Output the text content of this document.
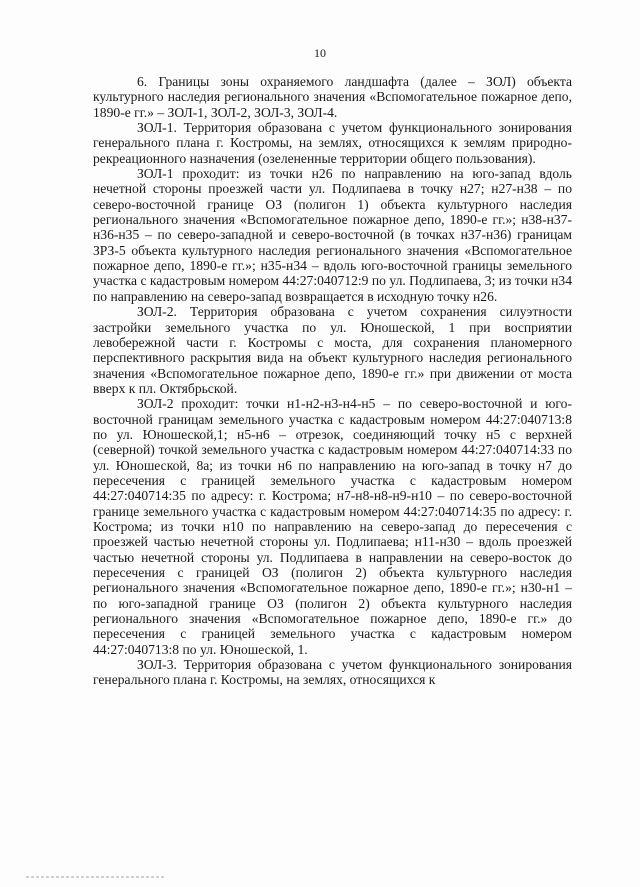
10

6. Границы зоны охраняемого ландшафта (далее – ЗОЛ) объекта культурного наследия регионального значения «Вспомогательное пожарное депо, 1890-е гг.» – ЗОЛ-1, ЗОЛ-2, ЗОЛ-3, ЗОЛ-4.

ЗОЛ-1. Территория образована с учетом функционального зонирования генерального плана г. Костромы, на землях, относящихся к землям природно-рекреационного назначения (озелененные территории общего пользования).

ЗОЛ-1 проходит: из точки н26 по направлению на юго-запад вдоль нечетной стороны проезжей части ул. Подлипаева в точку н27; н27-н38 – по северо-восточной границе ОЗ (полигон 1) объекта культурного наследия регионального значения «Вспомогательное пожарное депо, 1890-е гг.»; н38-н37-н36-н35 – по северо-западной и северо-восточной (в точках н37-н36) границам ЗРЗ-5 объекта культурного наследия регионального значения «Вспомогательное пожарное депо, 1890-е гг.»; н35-н34 – вдоль юго-восточной границы земельного участка с кадастровым номером 44:27:040712:9 по ул. Подлипаева, 3; из точки н34 по направлению на северо-запад возвращается в исходную точку н26.

ЗОЛ-2. Территория образована с учетом сохранения силуэтности застройки земельного участка по ул. Юношеской, 1 при восприятии левобережной части г. Костромы с моста, для сохранения планомерного перспективного раскрытия вида на объект культурного наследия регионального значения «Вспомогательное пожарное депо, 1890-е гг.» при движении от моста вверх к пл. Октябрьской.

ЗОЛ-2 проходит: точки н1-н2-н3-н4-н5 – по северо-восточной и юго-восточной границам земельного участка с кадастровым номером 44:27:040713:8 по ул. Юношеской,1; н5-н6 – отрезок, соединяющий точку н5 с верхней (северной) точкой земельного участка с кадастровым номером 44:27:040714:33 по ул. Юношеской, 8а; из точки н6 по направлению на юго-запад в точку н7 до пересечения с границей земельного участка с кадастровым номером 44:27:040714:35 по адресу: г. Кострома; н7-н8-н8-н9-н10 – по северо-восточной границе земельного участка с кадастровым номером 44:27:040714:35 по адресу: г. Кострома; из точки н10 по направлению на северо-запад до пересечения с проезжей частью нечетной стороны ул. Подлипаева; н11-н30 – вдоль проезжей частью нечетной стороны ул. Подлипаева в направлении на северо-восток до пересечения с границей ОЗ (полигон 2) объекта культурного наследия регионального значения «Вспомогательное пожарное депо, 1890-е гг.»; н30-н1 – по юго-западной границе ОЗ (полигон 2) объекта культурного наследия регионального значения «Вспомогательное пожарное депо, 1890-е гг.» до пересечения с границей земельного участка с кадастровым номером 44:27:040713:8 по ул. Юношеской, 1.

ЗОЛ-3. Территория образована с учетом функционального зонирования генерального плана г. Костромы, на землях, относящихся к
